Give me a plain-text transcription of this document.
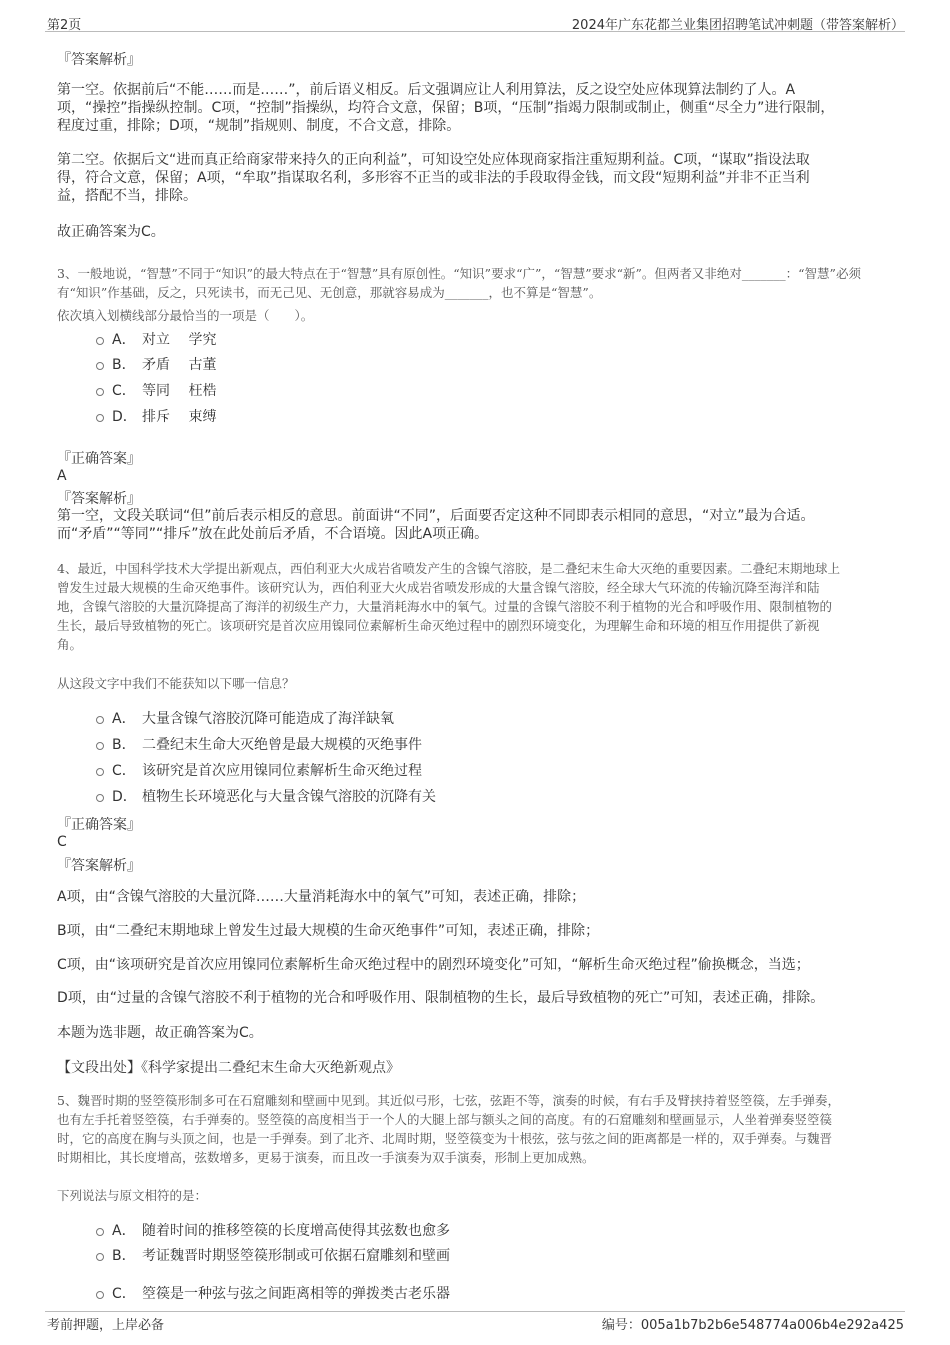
第2页	2024年广东花都兰业集团招聘笔试冲刺题（带答案解析）
『答案解析』
第一空。依据前后“不能……而是……”，前后语义相反。后文强调应让人利用算法，反之设空处应体现算法制约了人。A
项，“操控”指操纵控制。C项，“控制”指操纵，均符合文意，保留；B项，“压制”指竭力限制或制止，侧重“尽全力”进行限制，
程度过重，排除；D项，“规制”指规则、制度，不合文意，排除。
第二空。依据后文“进而真正给商家带来持久的正向利益”，可知设空处应体现商家指注重短期利益。C项，“谋取”指设法取
得，符合文意，保留；A项，“牟取”指谋取名利，多形容不正当的或非法的手段取得金钱，而文段“短期利益”并非不正当利
益，搭配不当，排除。
故正确答案为C。
3、一般地说，“智慧”不同于“知识”的最大特点在于“智慧”具有原创性。“知识”要求“广”，“智慧”要求“新”。但两者又非绝对_______：“智慧”必须
有“知识”作基础，反之，只死读书，而无己见、无创意，那就容易成为_______，也不算是“智慧”。
依次填入划横线部分最恰当的一项是（　　）。
A． 对立　 学究
B． 矛盾　 古董
C． 等同　 枉梏
D． 排斥　 束缚
『正确答案』
A
『答案解析』
第一空，文段关联词“但”前后表示相反的意思。前面讲“不同”，后面要否定这种不同即表示相同的意思，“对立”最为合适。
而“矛盾”“等同”“排斥”放在此处前后矛盾，不合语境。因此A项正确。
4、最近，中国科学技术大学提出新观点，西伯利亚大火成岩省喷发产生的含镍气溶胶，是二叠纪末生命大灭绝的重要因素。二叠纪末期地球上
曾发生过最大规模的生命灭绝事件。该研究认为，西伯利亚大火成岩省喷发形成的大量含镍气溶胶，经全球大气环流的传输沉降至海洋和陆
地，含镍气溶胶的大量沉降提高了海洋的初级生产力，大量消耗海水中的氧气。过量的含镍气溶胶不利于植物的光合和呼吸作用、限制植物的
生长，最后导致植物的死亡。该项研究是首次应用镍同位素解析生命灭绝过程中的剧烈环境变化，为理解生命和环境的相互作用提供了新视
角。
从这段文字中我们不能获知以下哪一信息？
A． 大量含镍气溶胶沉降可能造成了海洋缺氧
B． 二叠纪末生命大灭绝曾是最大规模的灭绝事件
C． 该研究是首次应用镍同位素解析生命灭绝过程
D． 植物生长环境恶化与大量含镍气溶胶的沉降有关
『正确答案』
C
『答案解析』
A项，由“含镍气溶胶的大量沉降……大量消耗海水中的氧气”可知，表述正确，排除；
B项，由“二叠纪末期地球上曾发生过最大规模的生命灭绝事件”可知，表述正确，排除；
C项，由“该项研究是首次应用镍同位素解析生命灭绝过程中的剧烈环境变化”可知，“解析生命灭绝过程”偷换概念，当选；
D项，由“过量的含镍气溶胶不利于植物的光合和呼吸作用、限制植物的生长，最后导致植物的死亡”可知，表述正确，排除。
本题为选非题，故正确答案为C。
【文段出处】《科学家提出二叠纪末生命大灭绝新观点》
5、魏晋时期的竖箜篌形制多可在石窟雕刻和壁画中见到。其近似弓形，七弦，弦距不等，演奏的时候，有右手及臂挟持着竖箜篌，左手弹奏，
也有左手托着竖箜篌，右手弹奏的。竖箜篌的高度相当于一个人的大腿上部与额头之间的高度。有的石窟雕刻和壁画显示，人坐着弹奏竖箜篌
时，它的高度在胸与头顶之间，也是一手弹奏。到了北齐、北周时期，竖箜篌变为十根弦，弦与弦之间的距离都是一样的，双手弹奏。与魏晋
时期相比，其长度增高，弦数增多，更易于演奏，而且改一手演奏为双手演奏，形制上更加成熟。
下列说法与原文相符的是：
A． 随着时间的推移箜篌的长度增高使得其弦数也愈多
B． 考证魏晋时期竖箜篌形制或可依据石窟雕刻和壁画
C． 箜篌是一种弦与弦之间距离相等的弹拨类古老乐器
考前押题，上岸必备	编号：005a1b7b2b6e548774a006b4e292a425
